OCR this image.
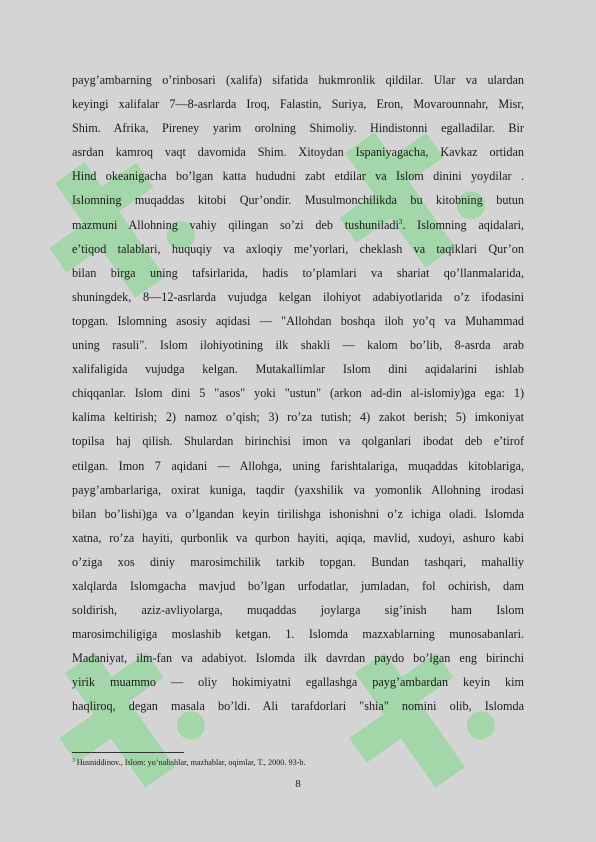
payg’ambarning o’rinbosari (xalifa) sifatida hukmronlik qildilar. Ular va ulardan
keyingi xalifalar 7—8-asrlarda Iroq, Falastin, Suriya, Eron, Movarounnahr, Misr,
Shim. Afrika, Pireney yarim orolning Shimoliy. Hindistonni egalladilar. Bir
asrdan kamroq vaqt davomida Shim. Xitoydan Ispaniyagacha, Kavkaz ortidan
Hind okeanigacha bo’lgan katta hududni zabt etdilar va Islom dinini yoydilar .
Islomning muqaddas kitobi Qur’ondir. Musulmonchilikda bu kitobning butun
mazmuni Allohning vahiy qilingan so’zi deb tushuniladi$^3$. Islomning aqidalari,
e’tiqod talablari, huquqiy va axloqiy me’yorlari, cheklash va taqiklari Qur’on
bilan birga uning tafsirlarida, hadis to’plamlari va shariat qo’llanmalarida,
shuningdek, 8—12-asrlarda vujudga kelgan ilohiyot adabiyotlarida o’z ifodasini
topgan. Islomning asosiy aqidasi — "Allohdan boshqa iloh yo’q va Muhammad
uning rasuli". Islom ilohiyotining ilk shakli — kalom bo’lib, 8-asrda arab
xalifaligida vujudga kelgan. Mutakallimlar Islom dini aqidalarini ishlab
chiqqanlar. Islom dini 5 "asos" yoki "ustun" (arkon ad-din al-islomiy)ga ega: 1)
kalima keltirish; 2) namoz o’qish; 3) ro’za tutish; 4) zakot berish; 5) imkoniyat
topilsa haj qilish. Shulardan birinchisi imon va qolganlari ibodat deb e’tirof
etilgan. Imon 7 aqidani — Allohga, uning farishtalariga, muqaddas kitoblariga,
payg’ambarlariga, oxirat kuniga, taqdir (yaxshilik va yomonlik Allohning irodasi
bilan bo’lishi)ga va o’lgandan keyin tirilishga ishonishni o’z ichiga oladi. Islomda
xatna, ro’za hayiti, qurbonlik va qurbon hayiti, aqiqa, mavlid, xudoyi, ashuro kabi
o’ziga xos diniy marosimchilik tarkib topgan. Bundan tashqari, mahalliy
xalqlarda Islomgacha mavjud bo’lgan urfodatlar, jumladan, fol ochirish, dam
soldirish, aziz-avliyolarga, muqaddas joylarga sig’inish ham Islom
marosimchiligiga moslashib ketgan. 1. Islomda mazxablarning munosabanlari.
Madaniyat, ilm-fan va adabiyot. Islomda ilk davrdan paydo bo’lgan eng birinchi
yirik muammo — oliy hokimiyatni egallashga payg’ambardan keyin kim
haqliroq, degan masala bo’ldi. Ali tarafdorlari "shia" nomini olib, Islomda
$^3$ Husniddinov., Islom: yo’nalishlar, mazhablar, oqimlar, T., 2000. 93-b.
8
